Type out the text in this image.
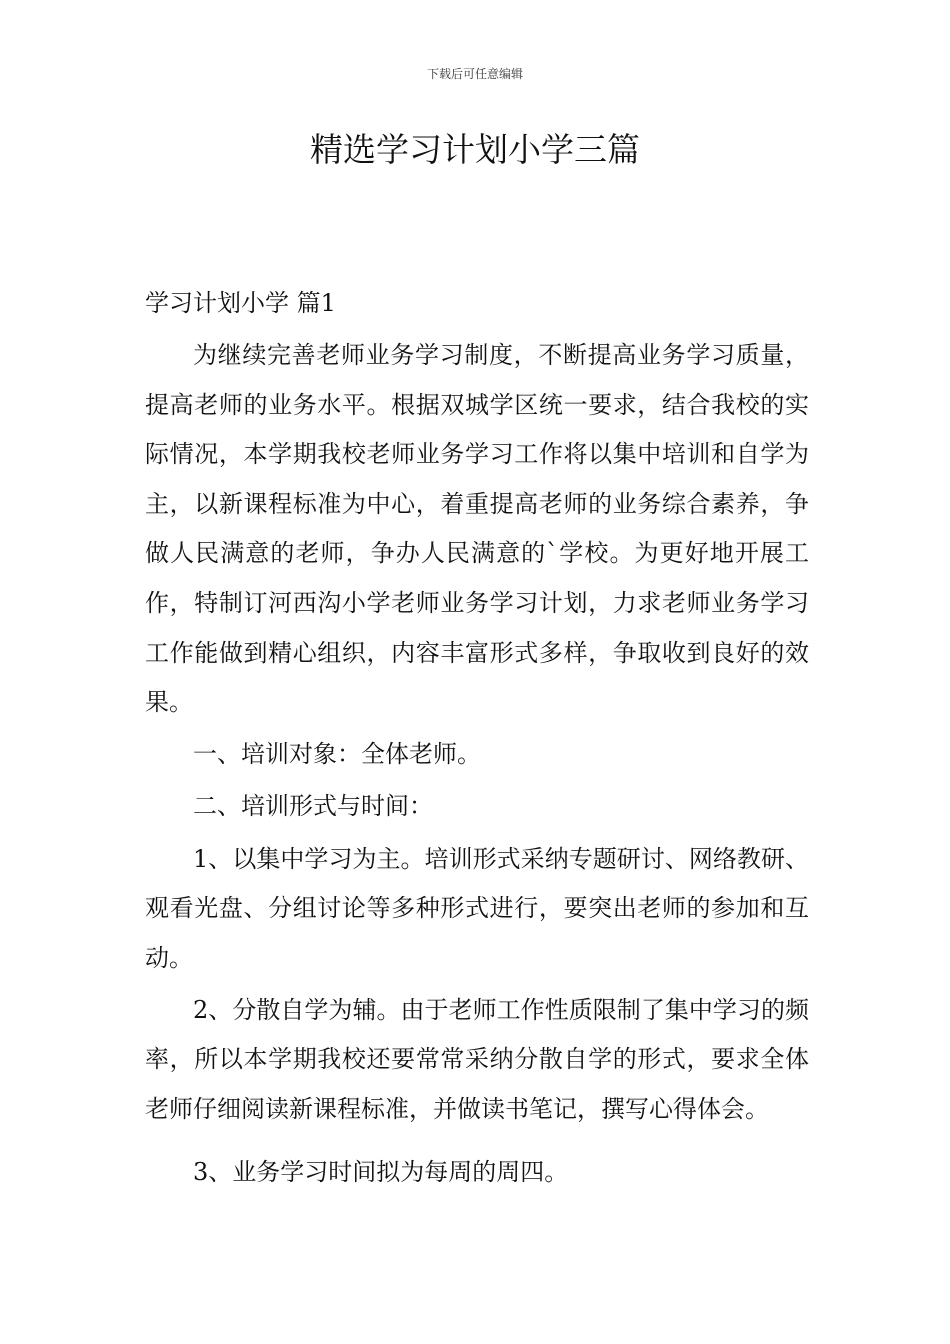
下载后可任意编辑
精选学习计划小学三篇

学习计划小学 篇1

为继续完善老师业务学习制度，不断提高业务学习质量，提高老师的业务水平。根据双城学区统一要求，结合我校的实际情况，本学期我校老师业务学习工作将以集中培训和自学为主，以新课程标准为中心，着重提高老师的业务综合素养，争做人民满意的老师，争办人民满意的`学校。为更好地开展工作，特制订河西沟小学老师业务学习计划，力求老师业务学习工作能做到精心组织，内容丰富形式多样，争取收到良好的效果。

一、培训对象：全体老师。

二、培训形式与时间：

1、以集中学习为主。培训形式采纳专题研讨、网络教研、观看光盘、分组讨论等多种形式进行，要突出老师的参加和互动。

2、分散自学为辅。由于老师工作性质限制了集中学习的频率，所以本学期我校还要常常采纳分散自学的形式，要求全体老师仔细阅读新课程标准，并做读书笔记，撰写心得体会。

3、业务学习时间拟为每周的周四。
